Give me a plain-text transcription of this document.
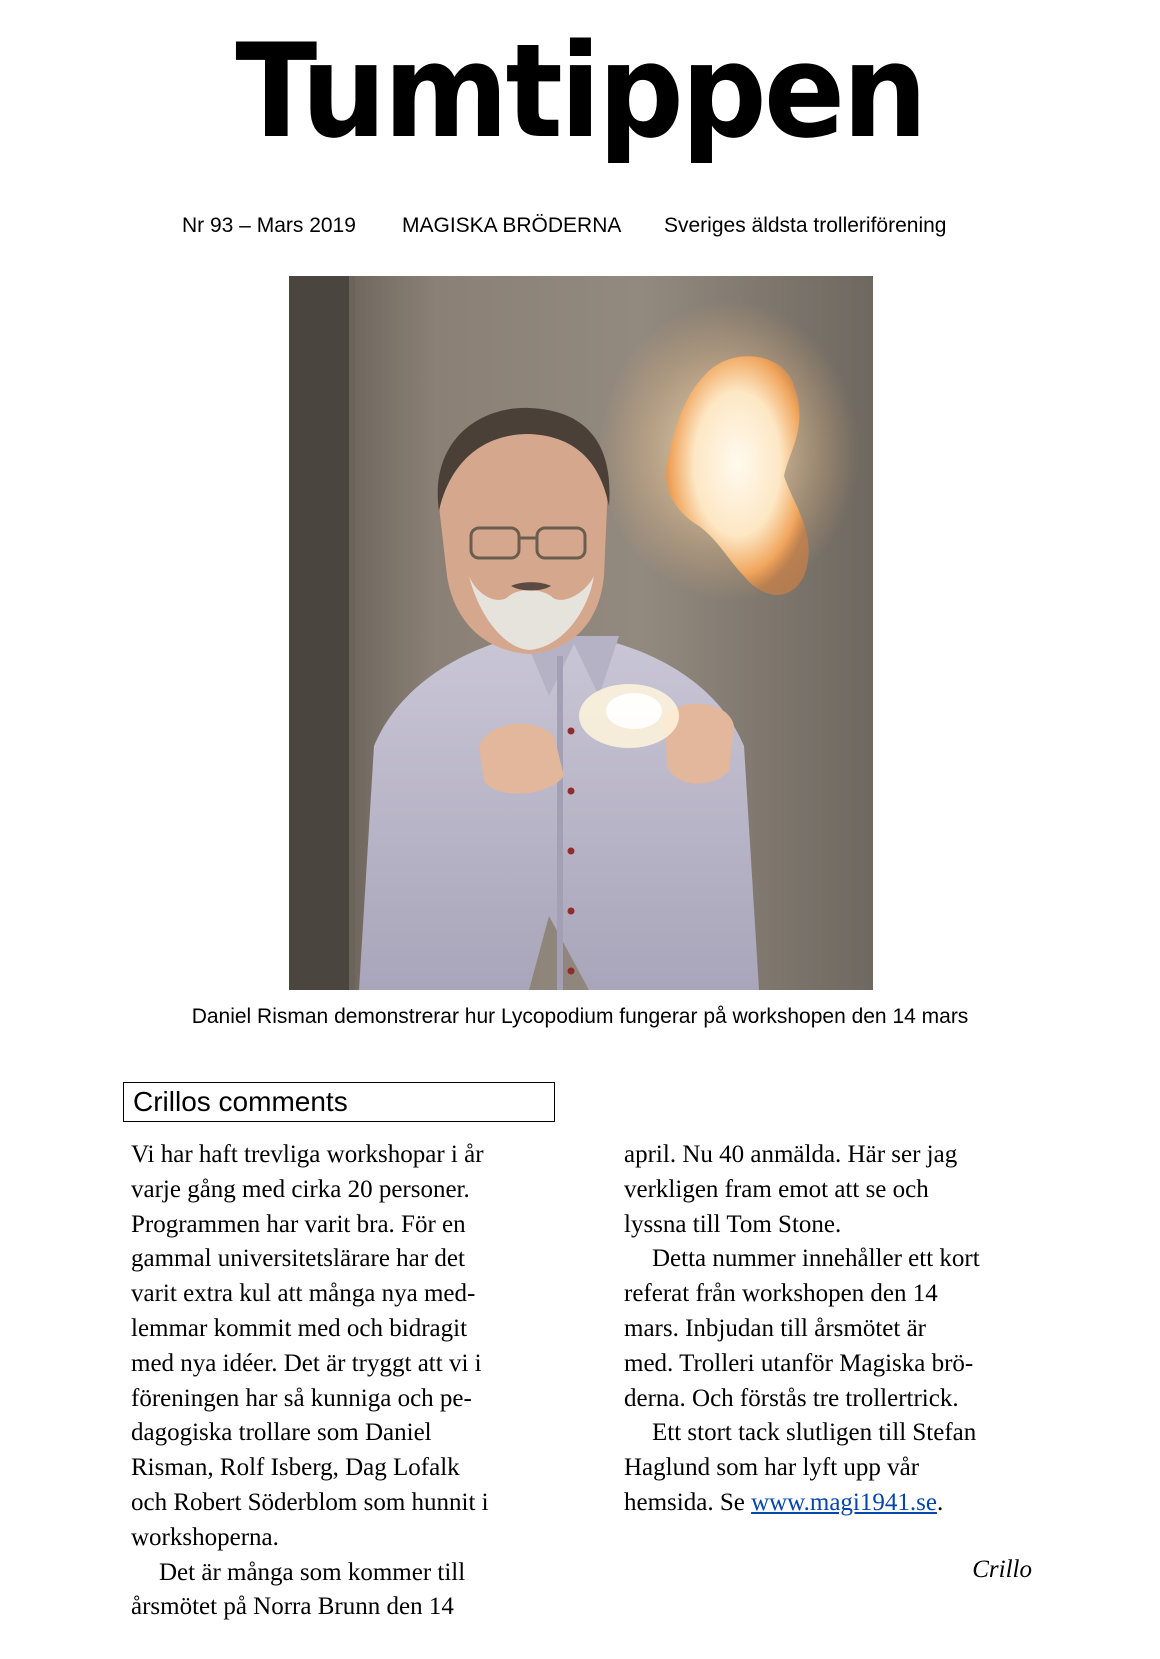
Tumtippen
Nr 93 – Mars 2019 MAGISKA BRÖDERNA Sveriges äldsta trolleriförening
Daniel Risman demonstrerar hur Lycopodium fungerar på workshopen den 14 mars
Crillos comments

Vi har haft trevliga workshopar i år

varje gång med cirka 20 personer.

Programmen har varit bra. För en

gammal universitetslärare har det

varit extra kul att många nya med-

lemmar kommit med och bidragit

med nya idéer. Det är tryggt att vi i

föreningen har så kunniga och pe-

dagogiska trollare som Daniel

Risman, Rolf Isberg, Dag Lofalk

och Robert Söderblom som hunnit i

workshoperna.

Det är många som kommer till

årsmötet på Norra Brunn den 14

april. Nu 40 anmälda. Här ser jag

verkligen fram emot att se och

lyssna till Tom Stone.

Detta nummer innehåller ett kort

referat från workshopen den 14

mars. Inbjudan till årsmötet är

med. Trolleri utanför Magiska brö-

derna. Och förstås tre trollertrick.

Ett stort tack slutligen till Stefan

Haglund som har lyft upp vår

hemsida. Se www.magi1941.se.

Crillo
